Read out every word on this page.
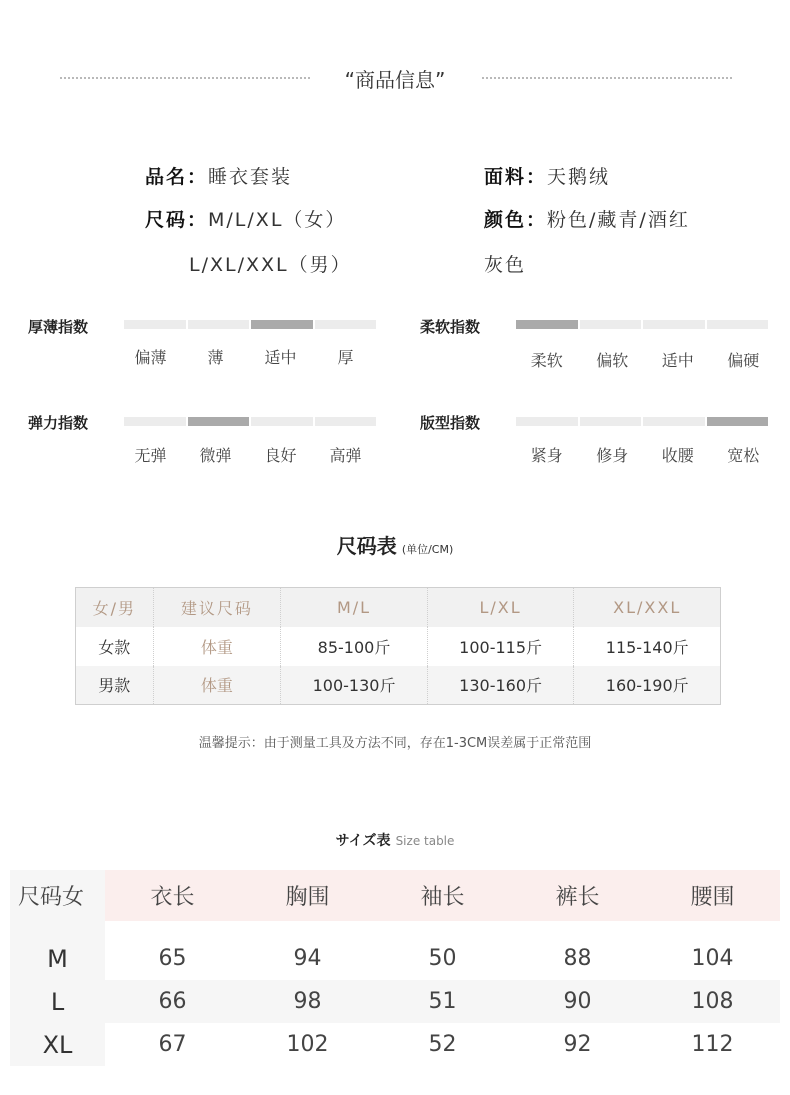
“商品信息”
品名：睡衣套装	面料：天鹅绒
尺码：M/L/XL（女）
L/XL/XXL（男）
颜色：粉色/藏青/酒红
灰色
厚薄指数
偏薄	薄	适中	厚
柔软指数
柔软	偏软	适中	偏硬
弹力指数
无弹	微弹	良好	高弹
版型指数
紧身	修身	收腰	宽松
尺码表 (单位/CM)
女/男	建议尺码	M/L	L/XL	XL/XXL
女款	体重	85-100斤	100-115斤	115-140斤
男款	体重	100-130斤	130-160斤	160-190斤
温馨提示：由于测量工具及方法不同，存在1-3CM误差属于正常范围
サイズ表 Size table
尺码女	衣长	胸围	袖长	裤长	腰围

M	65	94	50	88	104
L	66	98	51	90	108
XL	67	102	52	92	112
